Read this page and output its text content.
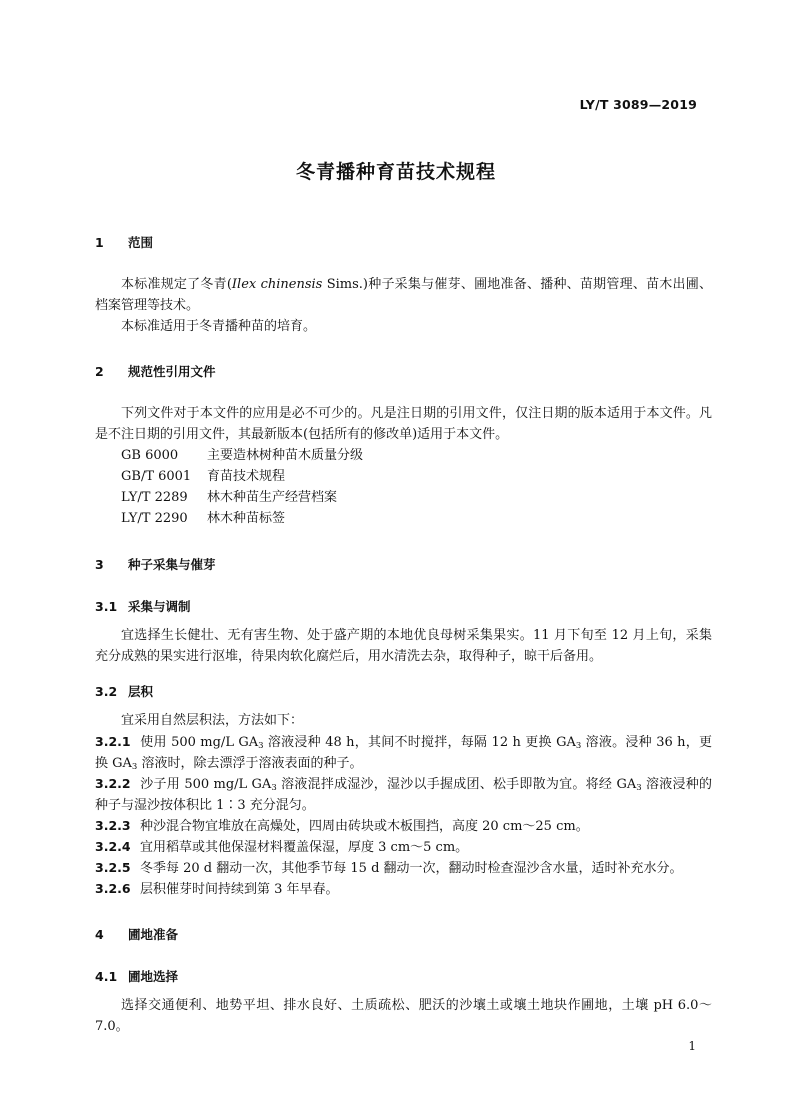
LY/T 3089—2019
冬青播种育苗技术规程
1 范围
本标准规定了冬青(Ilex chinensis Sims.)种子采集与催芽、圃地准备、播种、苗期管理、苗木出圃、档案管理等技术。
本标准适用于冬青播种苗的培育。
2 规范性引用文件
下列文件对于本文件的应用是必不可少的。凡是注日期的引用文件，仅注日期的版本适用于本文件。凡是不注日期的引用文件，其最新版本(包括所有的修改单)适用于本文件。
GB 6000 主要造林树种苗木质量分级
GB/T 6001 育苗技术规程
LY/T 2289 林木种苗生产经营档案
LY/T 2290 林木种苗标签
3 种子采集与催芽
3.1 采集与调制
宜选择生长健壮、无有害生物、处于盛产期的本地优良母树采集果实。11 月下旬至 12 月上旬，采集充分成熟的果实进行沤堆，待果肉软化腐烂后，用水清洗去杂，取得种子，晾干后备用。
3.2 层积
宜采用自然层积法，方法如下：
3.2.1 使用 500 mg/L $GA_3$ 溶液浸种 48 h，其间不时搅拌，每隔 12 h 更换 $GA_3$ 溶液。浸种 36 h，更换 $GA_3$ 溶液时，除去漂浮于溶液表面的种子。
3.2.2 沙子用 500 mg/L $GA_3$ 溶液混拌成湿沙，湿沙以手握成团、松手即散为宜。将经 $GA_3$ 溶液浸种的种子与湿沙按体积比 1∶3 充分混匀。
3.2.3 种沙混合物宜堆放在高燥处，四周由砖块或木板围挡，高度 20 cm～25 cm。
3.2.4 宜用稻草或其他保湿材料覆盖保湿，厚度 3 cm～5 cm。
3.2.5 冬季每 20 d 翻动一次，其他季节每 15 d 翻动一次，翻动时检查湿沙含水量，适时补充水分。
3.2.6 层积催芽时间持续到第 3 年早春。
4 圃地准备
4.1 圃地选择
选择交通便利、地势平坦、排水良好、土质疏松、肥沃的沙壤土或壤土地块作圃地，土壤 pH 6.0～7.0。
1
